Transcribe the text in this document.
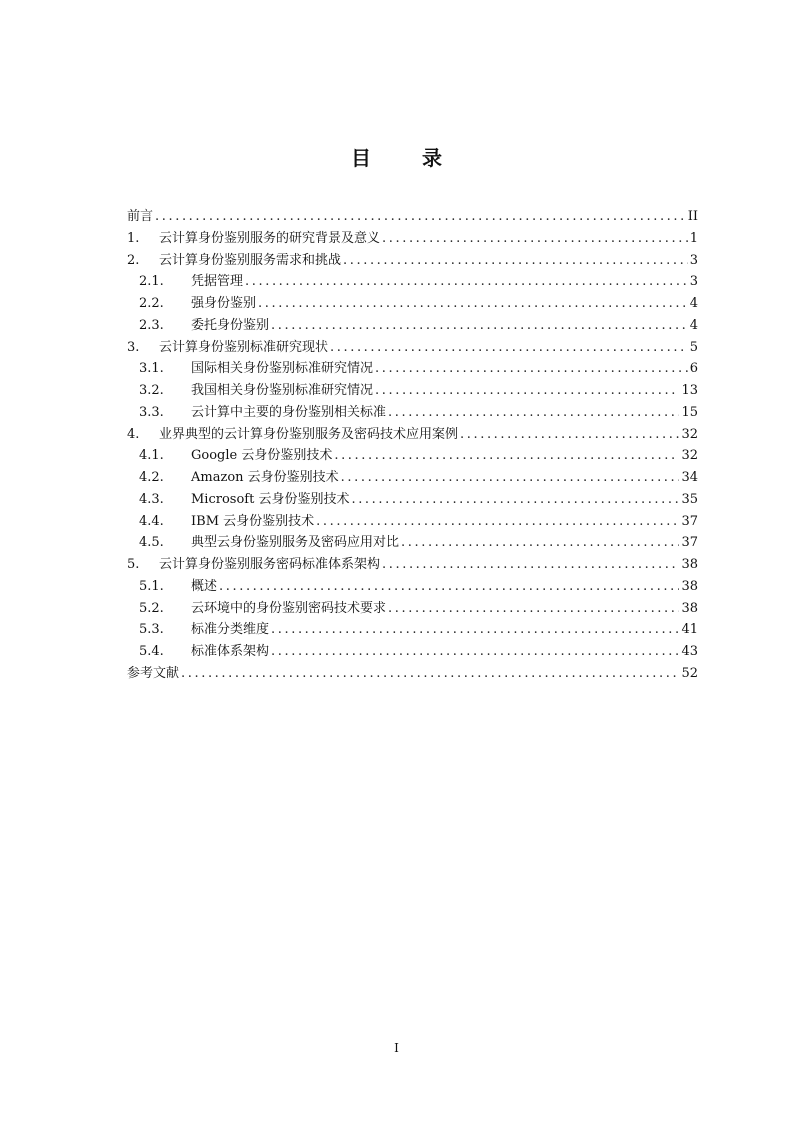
目 录
前言 .....	II
1.	云计算身份鉴别服务的研究背景及意义 .....	1
2.	云计算身份鉴别服务需求和挑战 .....	3
2.1.	凭据管理 .....	3
2.2.	强身份鉴别 .....	4
2.3.	委托身份鉴别 .....	4
3.	云计算身份鉴别标准研究现状 .....	5
3.1.	国际相关身份鉴别标准研究情况 .....	6
3.2.	我国相关身份鉴别标准研究情况 .....	13
3.3.	云计算中主要的身份鉴别相关标准 .....	15
4.	业界典型的云计算身份鉴别服务及密码技术应用案例 .....	32
4.1.	Google 云身份鉴别技术 .....	32
4.2.	Amazon 云身份鉴别技术 .....	34
4.3.	Microsoft 云身份鉴别技术 .....	35
4.4.	IBM 云身份鉴别技术 .....	37
4.5.	典型云身份鉴别服务及密码应用对比 .....	37
5.	云计算身份鉴别服务密码标准体系架构 .....	38
5.1.	概述 .....	38
5.2.	云环境中的身份鉴别密码技术要求 .....	38
5.3.	标准分类维度 .....	41
5.4.	标准体系架构 .....	43
参考文献 .....	52
I
